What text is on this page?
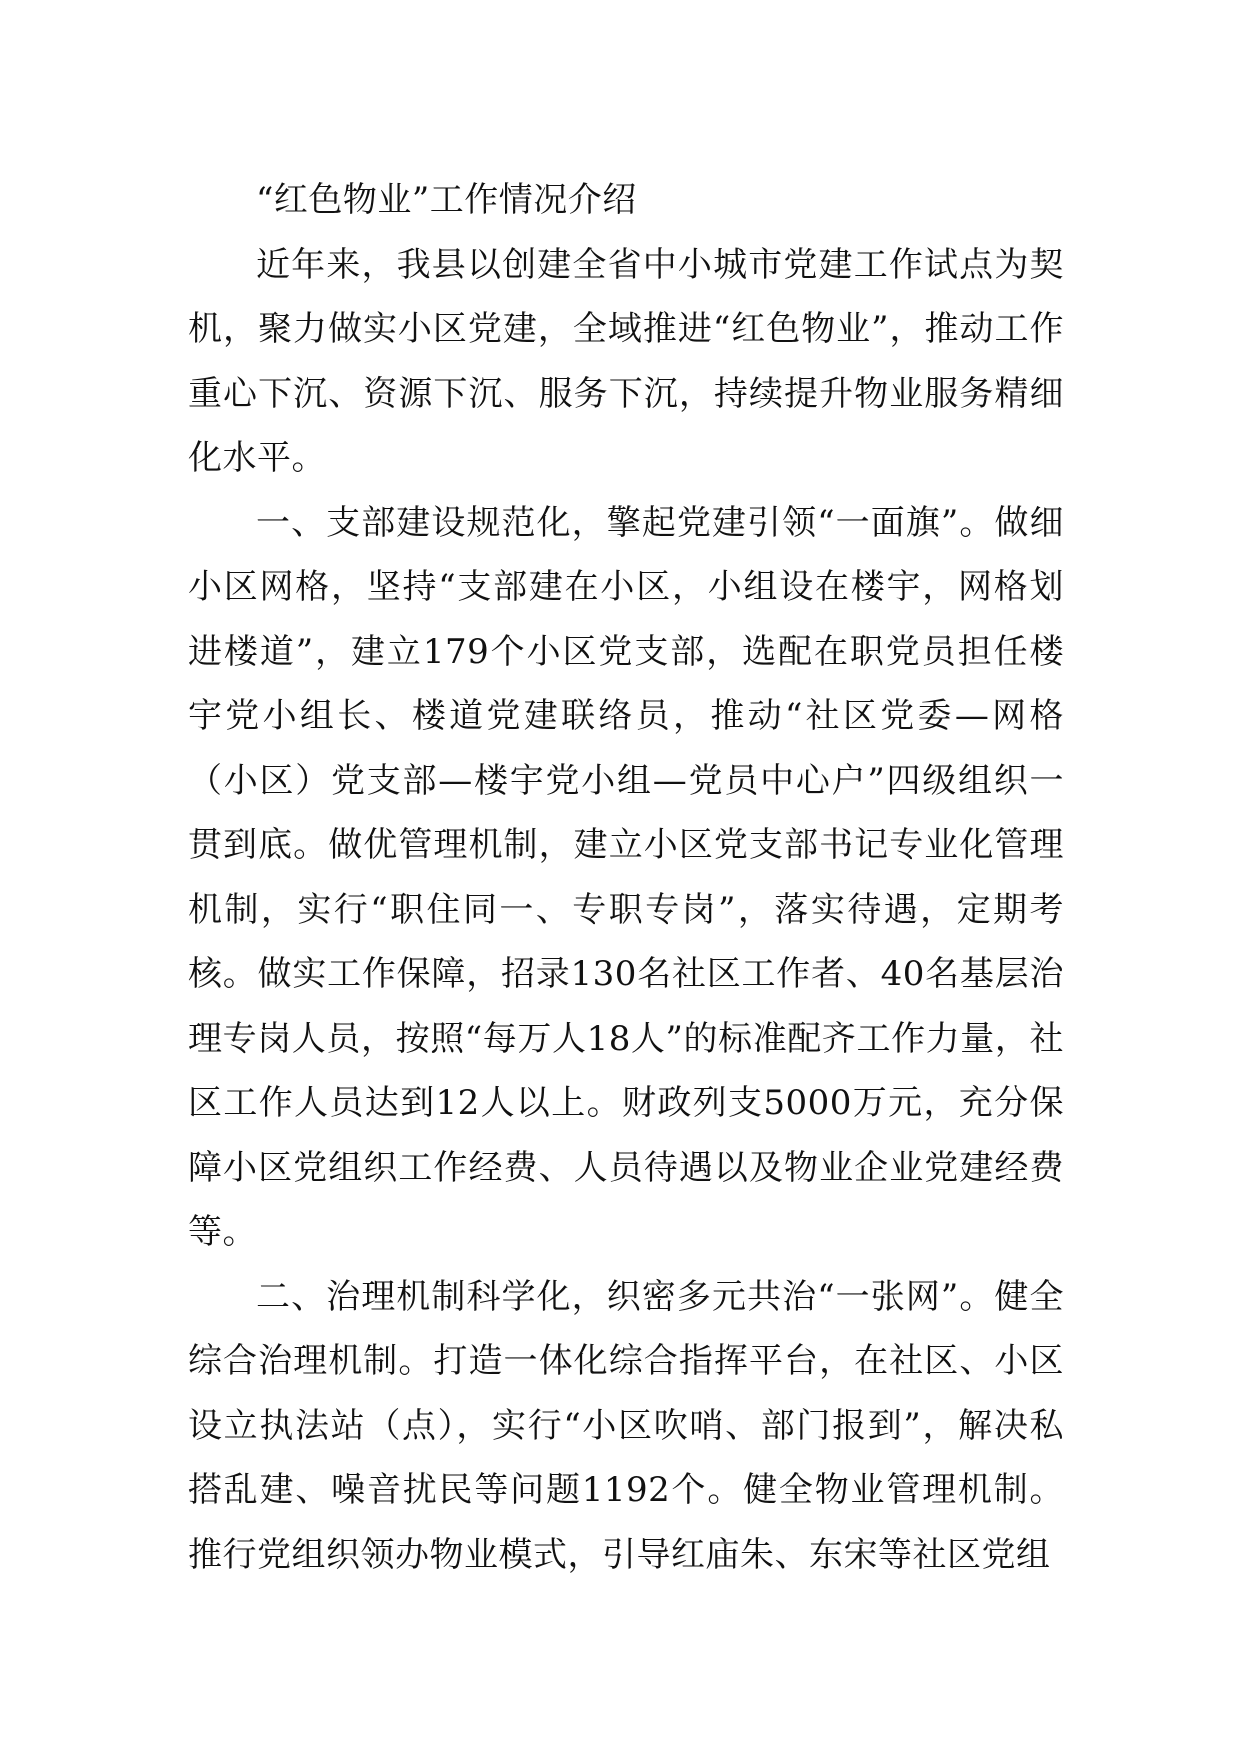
“红色物业”工作情况介绍

近年来，我县以创建全省中小城市党建工作试点为契机，聚力做实小区党建，全域推进“红色物业”，推动工作重心下沉、资源下沉、服务下沉，持续提升物业服务精细化水平。

一、支部建设规范化，擎起党建引领“一面旗”。做细小区网格，坚持“支部建在小区，小组设在楼宇，网格划进楼道”，建立179个小区党支部，选配在职党员担任楼宇党小组长、楼道党建联络员，推动“社区党委—网格（小区）党支部—楼宇党小组—党员中心户”四级组织一贯到底。做优管理机制，建立小区党支部书记专业化管理机制，实行“职住同一、专职专岗”，落实待遇，定期考核。做实工作保障，招录130名社区工作者、40名基层治理专岗人员，按照“每万人18人”的标准配齐工作力量，社区工作人员达到12人以上。财政列支5000万元，充分保障小区党组织工作经费、人员待遇以及物业企业党建经费等。

二、治理机制科学化，织密多元共治“一张网”。健全综合治理机制。打造一体化综合指挥平台，在社区、小区设立执法站（点），实行“小区吹哨、部门报到”，解决私搭乱建、噪音扰民等问题1192个。健全物业管理机制。推行党组织领办物业模式，引导红庙朱、东宋等社区党组
